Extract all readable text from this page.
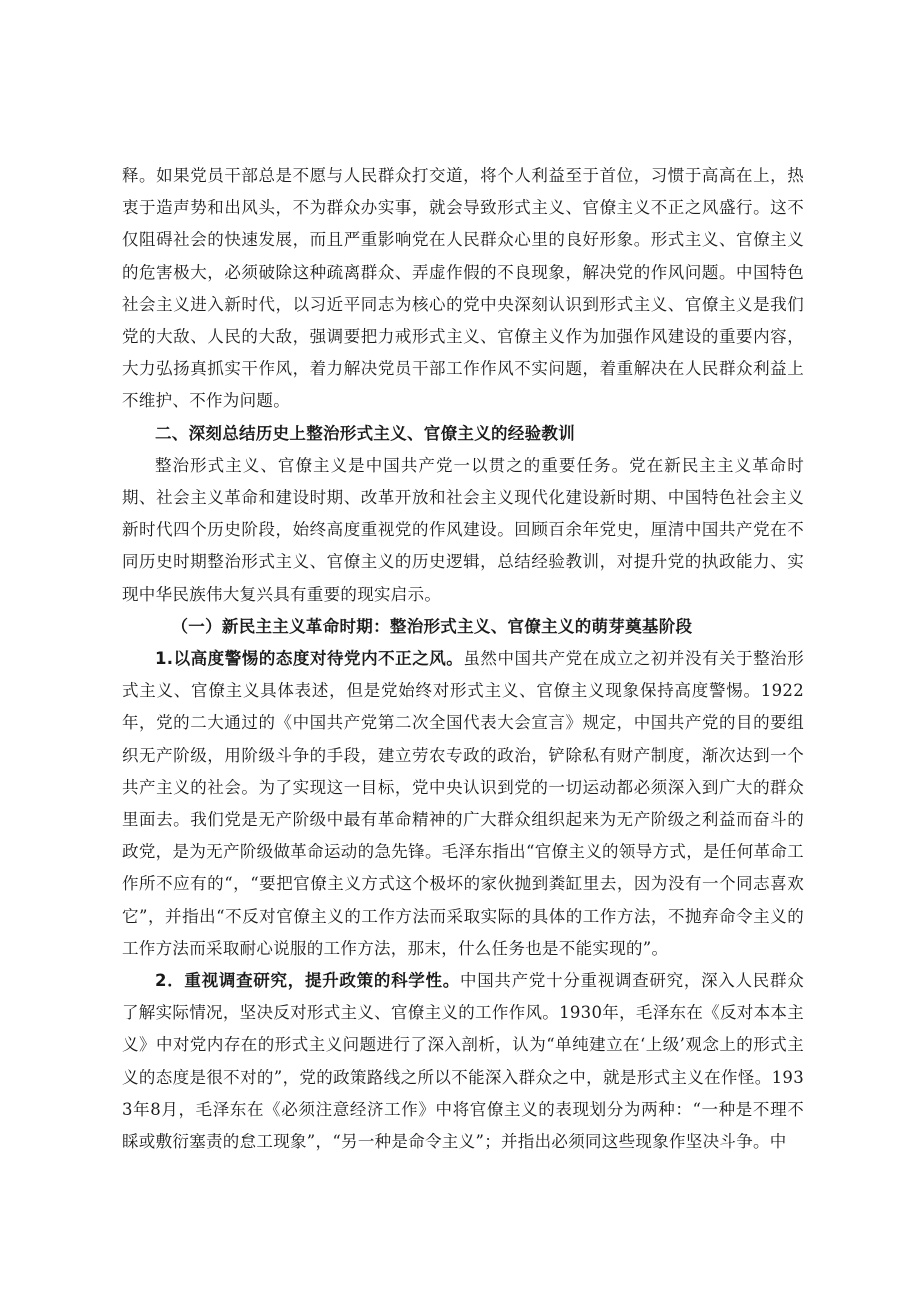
释。如果党员干部总是不愿与人民群众打交道，将个人利益至于首位，习惯于高高在上，热衷于造声势和出风头，不为群众办实事，就会导致形式主义、官僚主义不正之风盛行。这不仅阻碍社会的快速发展，而且严重影响党在人民群众心里的良好形象。形式主义、官僚主义的危害极大，必须破除这种疏离群众、弄虚作假的不良现象，解决党的作风问题。中国特色社会主义进入新时代，以习近平同志为核心的党中央深刻认识到形式主义、官僚主义是我们党的大敌、人民的大敌，强调要把力戒形式主义、官僚主义作为加强作风建设的重要内容，大力弘扬真抓实干作风，着力解决党员干部工作作风不实问题，着重解决在人民群众利益上不维护、不作为问题。

二、深刻总结历史上整治形式主义、官僚主义的经验教训

整治形式主义、官僚主义是中国共产党一以贯之的重要任务。党在新民主主义革命时期、社会主义革命和建设时期、改革开放和社会主义现代化建设新时期、中国特色社会主义新时代四个历史阶段，始终高度重视党的作风建设。回顾百余年党史，厘清中国共产党在不同历史时期整治形式主义、官僚主义的历史逻辑，总结经验教训，对提升党的执政能力、实现中华民族伟大复兴具有重要的现实启示。

（一）新民主主义革命时期：整治形式主义、官僚主义的萌芽奠基阶段

1.以高度警惕的态度对待党内不正之风。虽然中国共产党在成立之初并没有关于整治形式主义、官僚主义具体表述，但是党始终对形式主义、官僚主义现象保持高度警惕。1922年，党的二大通过的《中国共产党第二次全国代表大会宣言》规定，中国共产党的目的要组织无产阶级，用阶级斗争的手段，建立劳农专政的政治，铲除私有财产制度，渐次达到一个共产主义的社会。为了实现这一目标，党中央认识到党的一切运动都必须深入到广大的群众里面去。我们党是无产阶级中最有革命精神的广大群众组织起来为无产阶级之利益而奋斗的政党，是为无产阶级做革命运动的急先锋。毛泽东指出“官僚主义的领导方式，是任何革命工作所不应有的“，“要把官僚主义方式这个极坏的家伙抛到粪缸里去，因为没有一个同志喜欢它”，并指出“不反对官僚主义的工作方法而采取实际的具体的工作方法，不抛弃命令主义的工作方法而采取耐心说服的工作方法，那末，什么任务也是不能实现的”。

2．重视调查研究，提升政策的科学性。中国共产党十分重视调查研究，深入人民群众了解实际情况，坚决反对形式主义、官僚主义的工作作风。1930年，毛泽东在《反对本本主义》中对党内存在的形式主义问题进行了深入剖析，认为“单纯建立在‘上级’观念上的形式主义的态度是很不对的”，党的政策路线之所以不能深入群众之中，就是形式主义在作怪。1933年8月，毛泽东在《必须注意经济工作》中将官僚主义的表现划分为两种：“一种是不理不睬或敷衍塞责的怠工现象”，“另一种是命令主义”；并指出必须同这些现象作坚决斗争。中
